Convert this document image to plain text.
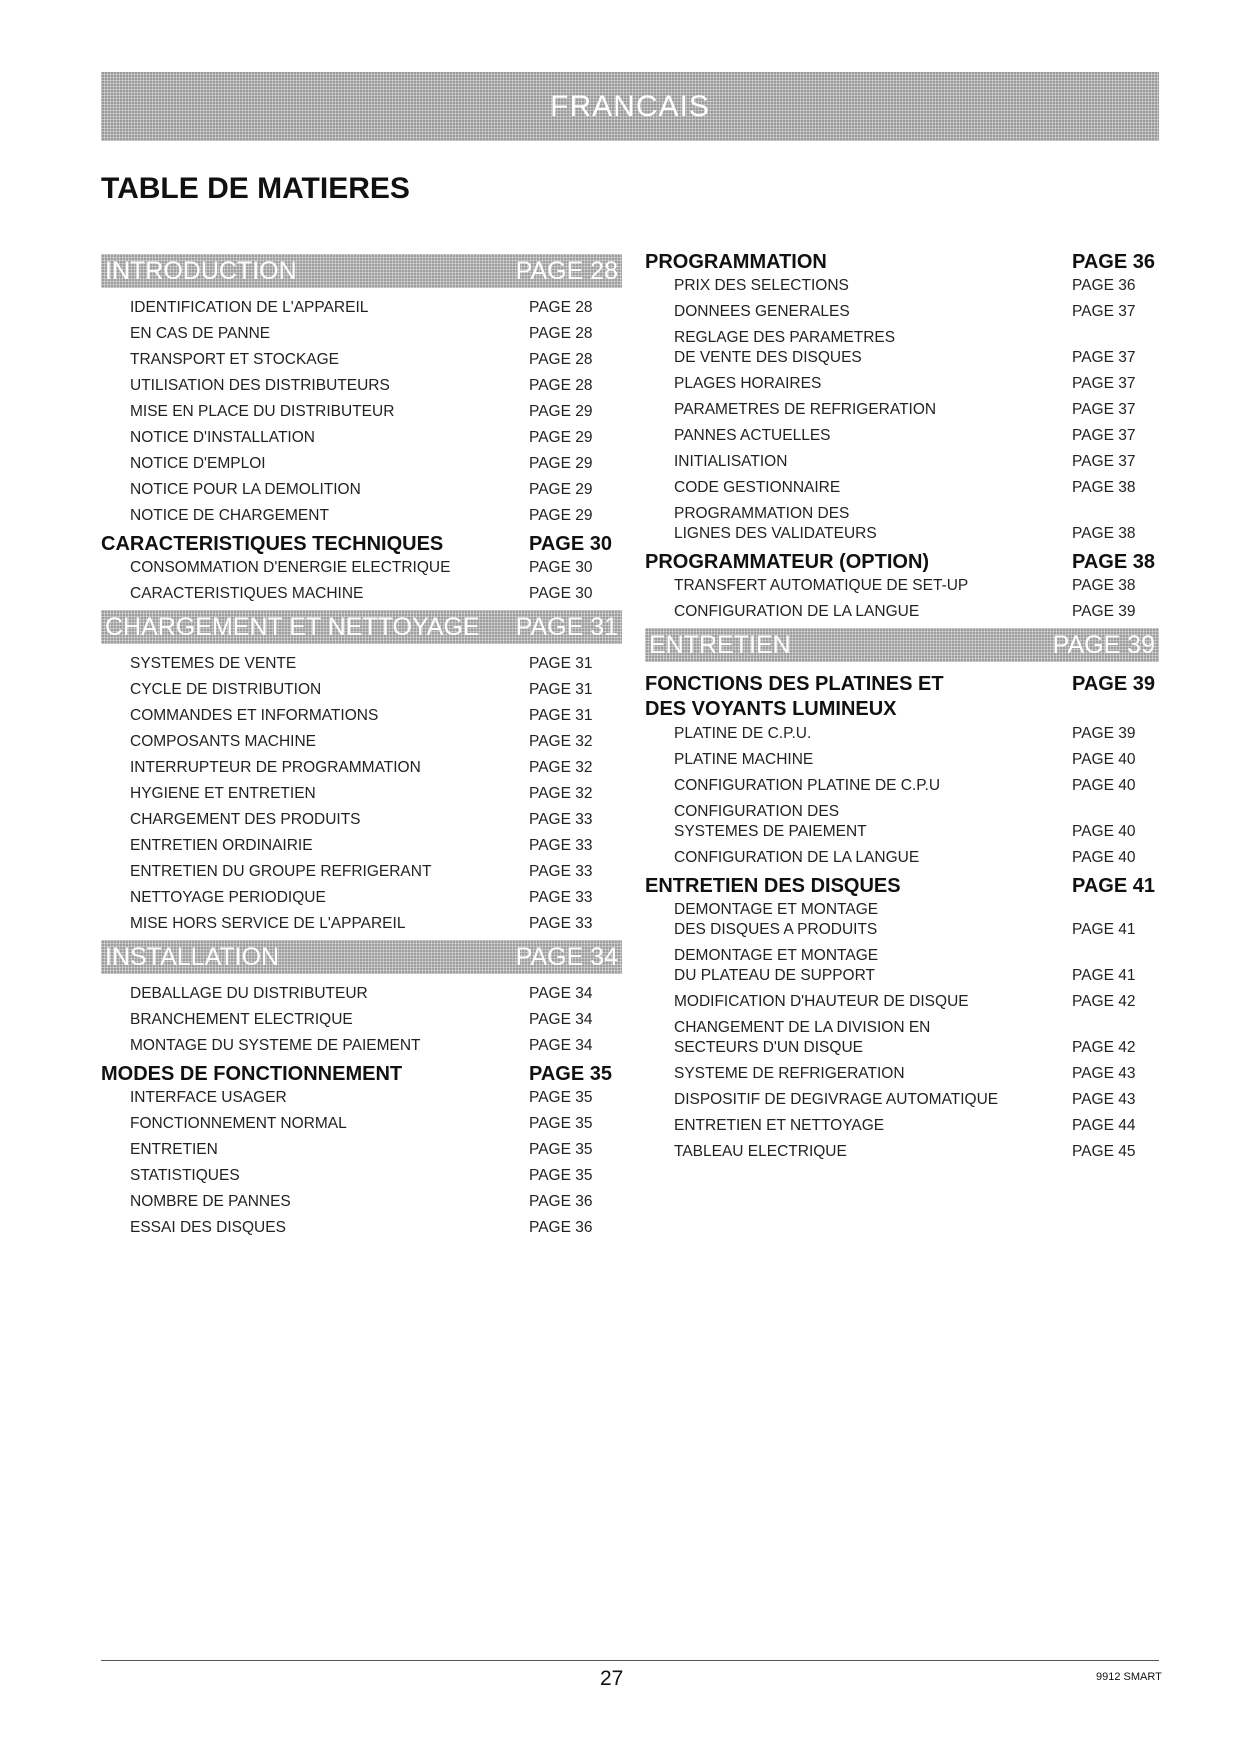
FRANCAIS
TABLE DE MATIERES
INTRODUCTION	PAGE 28
IDENTIFICATION DE L'APPAREIL	PAGE 28
EN CAS DE PANNE	PAGE 28
TRANSPORT ET STOCKAGE	PAGE 28
UTILISATION DES DISTRIBUTEURS	PAGE 28
MISE EN PLACE DU DISTRIBUTEUR	PAGE 29
NOTICE D'INSTALLATION	PAGE 29
NOTICE D'EMPLOI	PAGE 29
NOTICE POUR LA DEMOLITION	PAGE 29
NOTICE DE CHARGEMENT	PAGE 29
CARACTERISTIQUES TECHNIQUES	PAGE 30
CONSOMMATION D'ENERGIE ELECTRIQUE	PAGE 30
CARACTERISTIQUES MACHINE	PAGE 30
CHARGEMENT ET NETTOYAGE PAGE 31
SYSTEMES DE VENTE	PAGE 31
CYCLE DE DISTRIBUTION	PAGE 31
COMMANDES ET INFORMATIONS	PAGE 31
COMPOSANTS MACHINE	PAGE 32
INTERRUPTEUR DE PROGRAMMATION	PAGE 32
HYGIENE ET ENTRETIEN	PAGE 32
CHARGEMENT DES PRODUITS	PAGE 33
ENTRETIEN ORDINAIRIE	PAGE 33
ENTRETIEN DU GROUPE REFRIGERANT	PAGE 33
NETTOYAGE PERIODIQUE	PAGE 33
MISE HORS SERVICE DE L'APPAREIL	PAGE 33
INSTALLATION	PAGE 34
DEBALLAGE DU DISTRIBUTEUR	PAGE 34
BRANCHEMENT ELECTRIQUE	PAGE 34
MONTAGE DU SYSTEME DE PAIEMENT	PAGE 34
MODES DE FONCTIONNEMENT	PAGE 35
INTERFACE USAGER	PAGE 35
FONCTIONNEMENT NORMAL	PAGE 35
ENTRETIEN	PAGE 35
STATISTIQUES	PAGE 35
NOMBRE DE PANNES	PAGE 36
ESSAI DES DISQUES	PAGE 36
PROGRAMMATION	PAGE 36
PRIX DES SELECTIONS	PAGE 36
DONNEES GENERALES	PAGE 37
REGLAGE DES PARAMETRES
DE VENTE DES DISQUES	PAGE 37
PLAGES HORAIRES	PAGE 37
PARAMETRES DE REFRIGERATION	PAGE 37
PANNES ACTUELLES	PAGE 37
INITIALISATION	PAGE 37
CODE GESTIONNAIRE	PAGE 38
PROGRAMMATION DES
LIGNES DES VALIDATEURS	PAGE 38
PROGRAMMATEUR (OPTION)	PAGE 38
TRANSFERT AUTOMATIQUE DE SET-UP	PAGE 38
CONFIGURATION DE LA LANGUE	PAGE 39
ENTRETIEN	PAGE 39
FONCTIONS DES PLATINES ET
DES VOYANTS LUMINEUX
PAGE 39
PLATINE DE C.P.U.	PAGE 39
PLATINE MACHINE	PAGE 40
CONFIGURATION PLATINE DE C.P.U	PAGE 40
CONFIGURATION DES
SYSTEMES DE PAIEMENT	PAGE 40
CONFIGURATION DE LA LANGUE	PAGE 40
ENTRETIEN DES DISQUES	PAGE 41
DEMONTAGE ET MONTAGE
DES DISQUES A PRODUITS	PAGE 41
DEMONTAGE ET MONTAGE
DU PLATEAU DE SUPPORT	PAGE 41
MODIFICATION D'HAUTEUR DE DISQUE	PAGE 42
CHANGEMENT DE LA DIVISION EN
SECTEURS D'UN DISQUE	PAGE 42
SYSTEME DE REFRIGERATION	PAGE 43
DISPOSITIF DE DEGIVRAGE AUTOMATIQUE	PAGE 43
ENTRETIEN ET NETTOYAGE	PAGE 44
TABLEAU ELECTRIQUE	PAGE 45
27	9912 SMART
